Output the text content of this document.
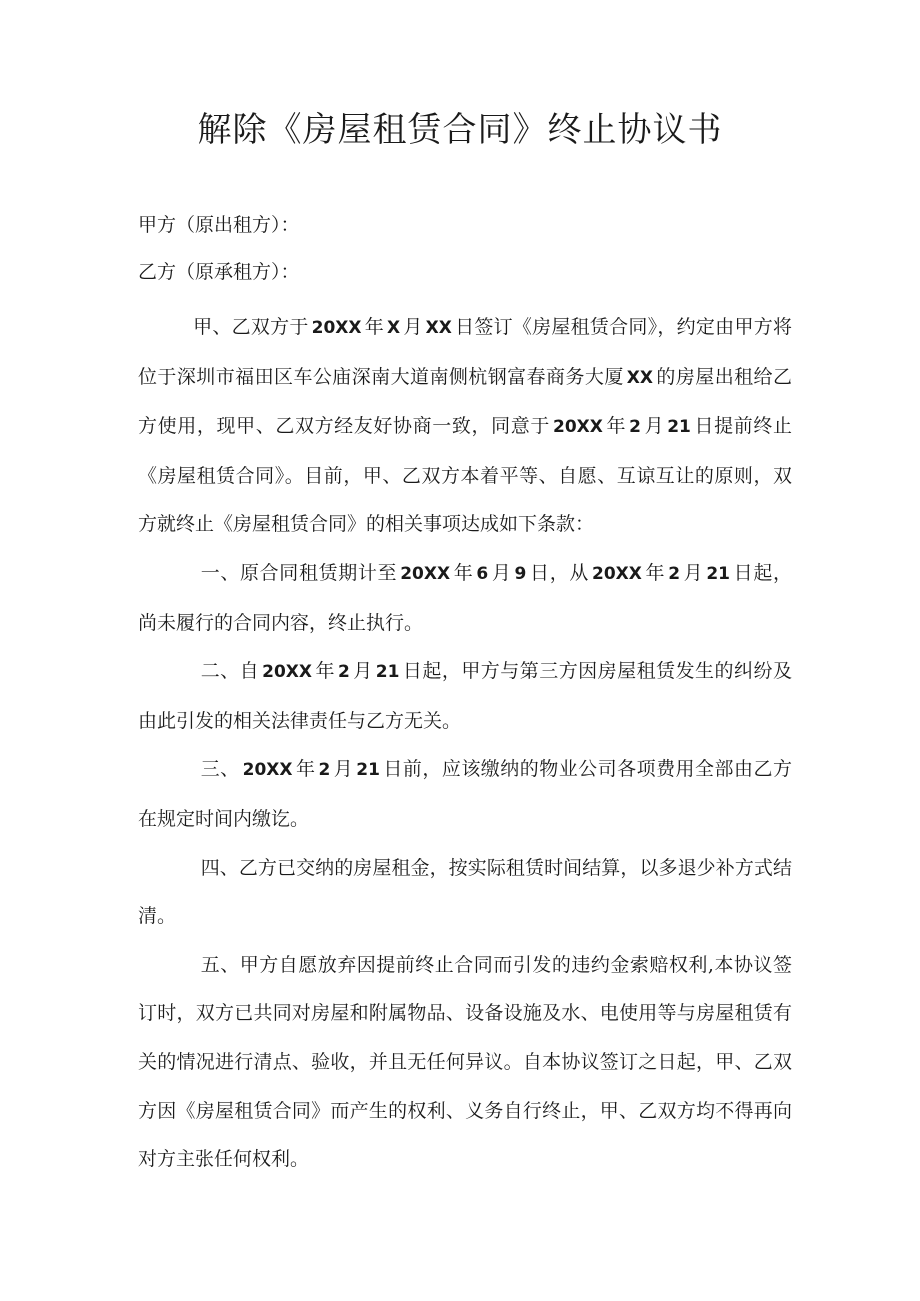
解除《房屋租赁合同》终止协议书
甲方（原出租方）：
乙方（原承租方）：

甲、乙双方于 20XX 年 X 月 XX 日签订《房屋租赁合同》，约定由甲方将位于深圳市福田区车公庙深南大道南侧杭钢富春商务大厦 XX 的房屋出租给乙方使用，现甲、乙双方经友好协商一致，同意于 20XX 年 2 月 21 日提前终止《房屋租赁合同》。目前，甲、乙双方本着平等、自愿、互谅互让的原则，双方就终止《房屋租赁合同》的相关事项达成如下条款：

一、原合同租赁期计至 20XX 年 6 月 9 日，从 20XX 年 2 月 21 日起，尚未履行的合同内容，终止执行。

二、自 20XX 年 2 月 21 日起，甲方与第三方因房屋租赁发生的纠纷及由此引发的相关法律责任与乙方无关。

三、 20XX 年 2 月 21 日前，应该缴纳的物业公司各项费用全部由乙方在规定时间内缴讫。

四、乙方已交纳的房屋租金，按实际租赁时间结算，以多退少补方式结清。

五、甲方自愿放弃因提前终止合同而引发的违约金索赔权利,本协议签订时，双方已共同对房屋和附属物品、设备设施及水、电使用等与房屋租赁有关的情况进行清点、验收，并且无任何异议。自本协议签订之日起，甲、乙双方因《房屋租赁合同》而产生的权利、义务自行终止，甲、乙双方均不得再向对方主张任何权利。
